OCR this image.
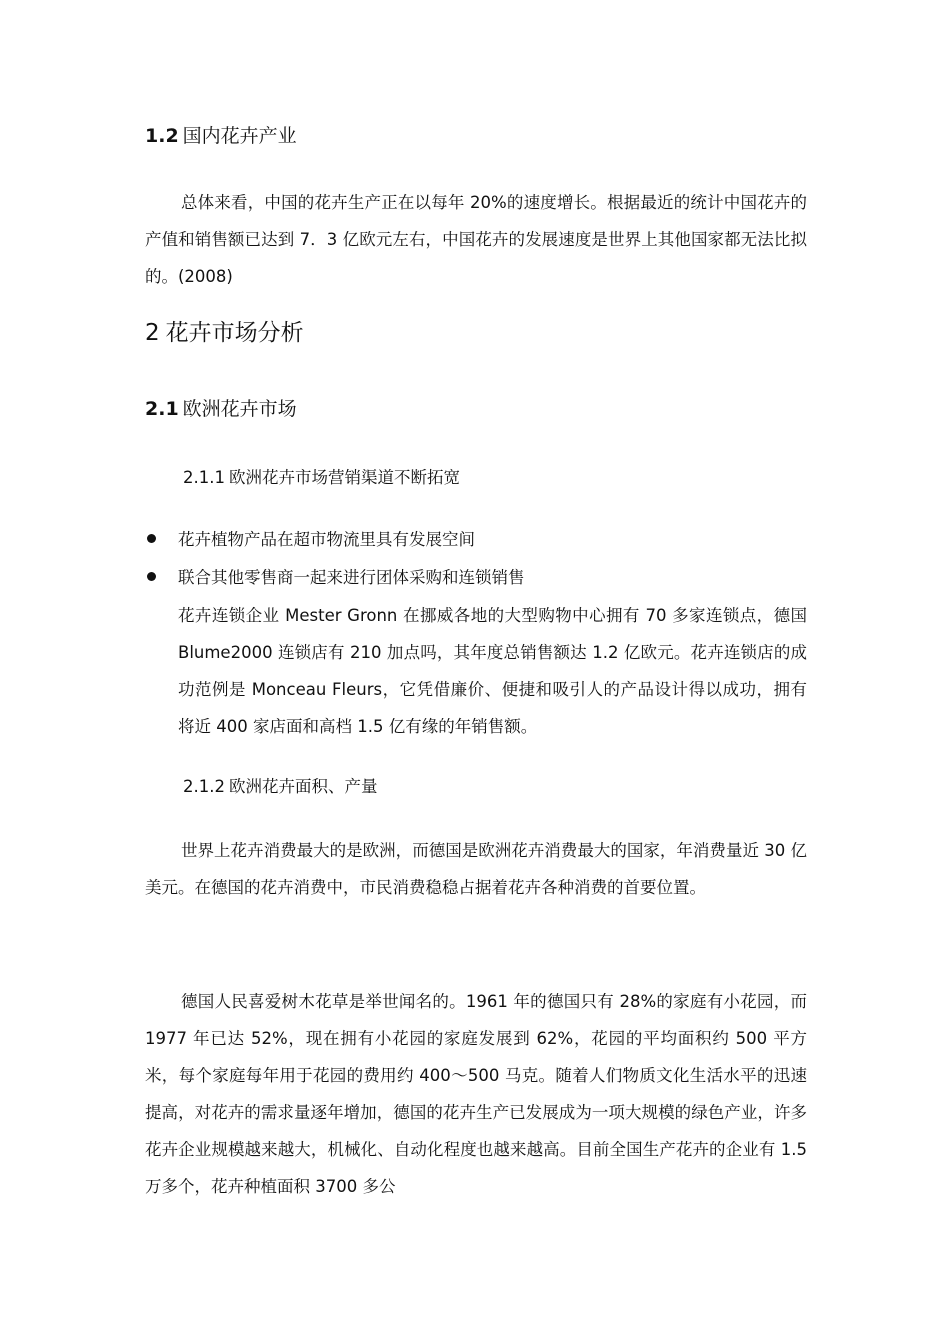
1.2 国内花卉产业

总体来看，中国的花卉生产正在以每年 20%的速度增长。根据最近的统计中国花卉的产值和销售额已达到 7．3 亿欧元左右，中国花卉的发展速度是世界上其他国家都无法比拟的。(2008)

2 花卉市场分析
2.1 欧洲花卉市场
2.1.1 欧洲花卉市场营销渠道不断拓宽
花卉植物产品在超市物流里具有发展空间
联合其他零售商一起来进行团体采购和连锁销售

花卉连锁企业 Mester Gronn 在挪威各地的大型购物中心拥有 70 多家连锁点，德国 Blume2000 连锁店有 210 加点吗，其年度总销售额达 1.2 亿欧元。花卉连锁店的成功范例是 Monceau Fleurs，它凭借廉价、便捷和吸引人的产品设计得以成功，拥有将近 400 家店面和高档 1.5 亿有缘的年销售额。

2.1.2 欧洲花卉面积、产量

世界上花卉消费最大的是欧洲，而德国是欧洲花卉消费最大的国家，年消费量近 30 亿美元。在德国的花卉消费中，市民消费稳稳占据着花卉各种消费的首要位置。

德国人民喜爱树木花草是举世闻名的。1961 年的德国只有 28%的家庭有小花园，而 1977 年已达 52%，现在拥有小花园的家庭发展到 62%，花园的平均面积约 500 平方米，每个家庭每年用于花园的费用约 400～500 马克。随着人们物质文化生活水平的迅速提高，对花卉的需求量逐年增加，德国的花卉生产已发展成为一项大规模的绿色产业，许多花卉企业规模越来越大，机械化、自动化程度也越来越高。目前全国生产花卉的企业有 1.5 万多个，花卉种植面积 3700 多公
